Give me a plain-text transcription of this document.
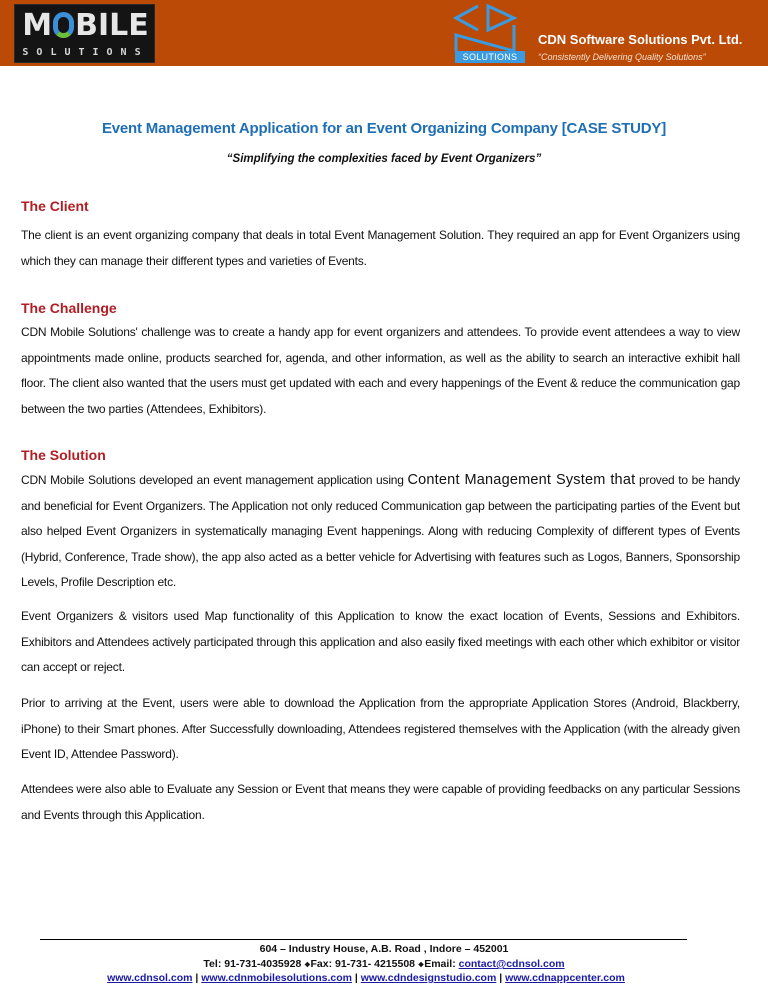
M BILE
SOLUTIONS	SOLUTIONS
CDN Software Solutions Pvt. Ltd.
“Consistently Delivering Quality Solutions”
Event Management Application for an Event Organizing Company [CASE STUDY]
“Simplifying the complexities faced by Event Organizers”
The Client
The client is an event organizing company that deals in total Event Management Solution. They required an app for Event Organizers using which they can manage their different types and varieties of Events.
The Challenge
CDN Mobile Solutions' challenge was to create a handy app for event organizers and attendees. To provide event attendees a way to view appointments made online, products searched for, agenda, and other information, as well as the ability to search an interactive exhibit hall floor. The client also wanted that the users must get updated with each and every happenings of the Event & reduce the communication gap between the two parties (Attendees, Exhibitors).
The Solution
CDN Mobile Solutions developed an event management application using Content Management System that proved to be handy and beneficial for Event Organizers. The Application not only reduced Communication gap between the participating parties of the Event but also helped Event Organizers in systematically managing Event happenings. Along with reducing Complexity of different types of Events (Hybrid, Conference, Trade show), the app also acted as a better vehicle for Advertising with features such as Logos, Banners, Sponsorship Levels, Profile Description etc.
Event Organizers & visitors used Map functionality of this Application to know the exact location of Events, Sessions and Exhibitors. Exhibitors and Attendees actively participated through this application and also easily fixed meetings with each other which exhibitor or visitor can accept or reject.
Prior to arriving at the Event, users were able to download the Application from the appropriate Application Stores (Android, Blackberry, iPhone) to their Smart phones. After Successfully downloading, Attendees registered themselves with the Application (with the already given Event ID, Attendee Password).
Attendees were also able to Evaluate any Session or Event that means they were capable of providing feedbacks on any particular Sessions and Events through this Application.
604 – Industry House, A.B. Road , Indore – 452001
Tel: 91-731-4035928 ❖Fax: 91-731- 4215508 ❖Email: contact@cdnsol.com
www.cdnsol.com | www.cdnmobilesolutions.com | www.cdndesignstudio.com | www.cdnappcenter.com
